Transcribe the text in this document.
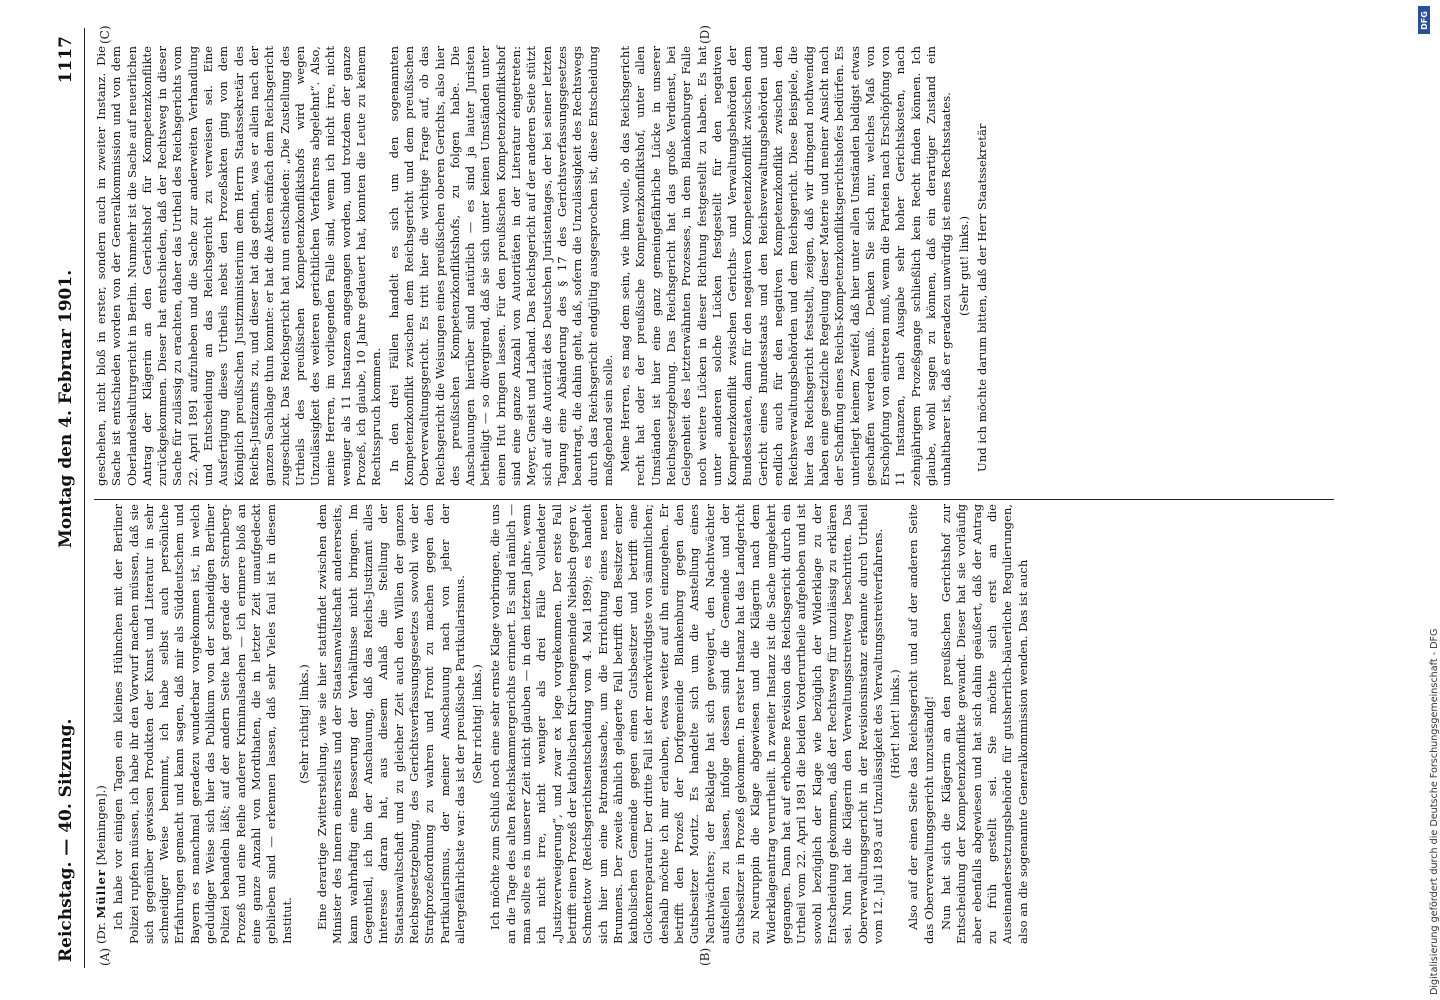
Reichstag. — 40. Sitzung.
Montag den 4. Februar 1901.
1117
(A)	(B)
(C)	(D)

(Dr. Müller [Meiningen].) Ich habe vor einigen Tagen ein kleines Hühnchen mit der Berliner Polizei rupfen müssen, ich habe ihr den Vorwurf machen müssen, daß sie sich gegenüber gewissen Produkten der Kunst und Literatur in sehr schneidiger Weise benimmt, ich habe selbst auch persönliche Erfahrungen gemacht und kann sagen, daß mir als Süddeutschem und Bayern es manchmal geradezu wunderbar vorgekommen ist, in welch geduldiger Weise sich hier das Publikum von der schneidigen Berliner Polizei behandeln läßt; auf der andern Seite hat gerade der Sternberg-Prozeß und eine Reihe anderer Kriminalsachen — ich erinnere bloß an eine ganze Anzahl von Mordthaten, die in letzter Zeit unaufgedeckt geblieben sind — erkennen lassen, daß sehr Vieles faul ist in diesem Institut.

(Sehr richtig! links.) Eine derartige Zwitterstellung, wie sie hier stattfindet zwischen dem Minister des Innern einerseits und der Staatsanwaltschaft andererseits, kann wahrhaftig eine Besserung der Verhältnisse nicht bringen. Im Gegentheil, ich bin der Anschauung, daß das Reichs-Justizamt alles Interesse daran hat, aus diesem Anlaß die Stellung der Staatsanwaltschaft und zu gleicher Zeit auch den Willen der ganzen Reichsgesetzgebung, des Gerichtsverfassungsgesetzes sowohl wie der Strafprozeßordnung zu wahren und Front zu machen gegen den Partikularismus, der meiner Anschauung nach von jeher der allergefährlichste war: das ist der preußische Partikularismus. (Sehr richtig! links.) Ich möchte zum Schluß noch eine sehr ernste Klage vorbringen, die uns an die Tage des alten Reichskammergerichts erinnert. Es sind nämlich — man sollte es in unserer Zeit nicht glauben — in dem letzten Jahre, wenn ich nicht irre, nicht weniger als drei Fälle vollendeter „Justizverweigerung“, und zwar ex lege vorgekommen. Der erste Fall betrifft einen Prozeß der katholischen Kirchengemeinde Niebisch gegen v. Schmettow (Reichsgerichtsentscheidung vom 4. Mai 1899); es handelt sich hier um eine Patronatssache, um die Errichtung eines neuen Brunnens. Der zweite ähnlich gelagerte Fall betrifft den Besitzer einer katholischen Gemeinde gegen einen Gutsbesitzer und betrifft eine Glockenreparatur. Der dritte Fall ist der merkwürdigste von sämmtlichen; deshalb möchte ich mir erlauben, etwas weiter auf ihn einzugehen. Er betrifft den Prozeß der Dorfgemeinde Blankenburg gegen den Gutsbesitzer Moritz. Es handelte sich um die Anstellung eines Nachtwächters; der Beklagte hat sich geweigert, den Nachtwächter aufstellen zu lassen, infolge dessen sind die Gemeinde und der Gutsbesitzer in Prozeß gekommen. In erster Instanz hat das Landgericht zu Neuruppin die Klage abgewiesen und die Klägerin nach dem Widerklageantrag verurtheilt. In zweiter Instanz ist die Sache umgekehrt gegangen. Dann hat auf erhobene Revision das Reichsgericht durch ein Urtheil vom 22. April 1891 die beiden Vorderurtheile aufgehoben und ist sowohl bezüglich der Klage wie bezüglich der Widerklage zu der Entscheidung gekommen, daß der Rechtsweg für unzulässig zu erklären sei. Nun hat die Klägerin den Verwaltungsstreitweg beschritten. Das Oberverwaltungsgericht in der Revisionsinstanz erkannte durch Urtheil vom 12. Juli 1893 auf Unzulässigkeit des Verwaltungsstreitverfahrens. (Hört! hört! links.) Also auf der einen Seite das Reichsgericht und auf der anderen Seite das Oberverwaltungsgericht unzuständig! Nun hat sich die Klägerin an den preußischen Gerichtshof zur Entscheidung der Kompetenzkonflikte gewandt. Dieser hat sie vorläufig aber ebenfalls abgewiesen und hat sich dahin geäußert, daß der Antrag zu früh gestellt sei. Sie möchte sich erst an die Auseinandersetzungsbehörde für gutsherrlich-bäuerliche Regulierungen, also an die sogenannte Generalkommission wenden. Das ist auch

geschehen, nicht bloß in erster, sondern auch in zweiter Instanz. Die Sache ist entschieden worden von der Generalkommission und von dem Oberlandeskulturgericht in Berlin. Nunmehr ist die Sache auf neuerlichen Antrag der Klägerin an den Gerichtshof für Kompetenzkonflikte zurückgekommen. Dieser hat entschieden, daß der Rechtsweg in dieser Sache für zulässig zu erachten, daher das Urtheil des Reichsgerichts vom 22. April 1891 aufzuheben und die Sache zur anderweiten Verhandlung und Entscheidung an das Reichsgericht zu verweisen sei. Eine Ausfertigung dieses Urtheils nebst den Prozeßakten ging von dem Königlich preußischen Justizministerium dem Herrn Staatssekretär des Reichs-Justizamts zu, und dieser hat das gethan, was er allein nach der ganzen Sachlage thun konnte: er hat die Akten einfach dem Reichsgericht zugeschickt. Das Reichsgericht hat nun entschieden: „Die Zustellung des Urtheils des preußischen Kompetenzkonfliktshofs wird wegen Unzulässigkeit des weiteren gerichtlichen Verfahrens abgelehnt“. Also, meine Herren, im vorliegenden Falle sind, wenn ich nicht irre, nicht weniger als 11 Instanzen angegangen worden, und trotzdem der ganze Prozeß, ich glaube, 10 Jahre gedauert hat, konnten die Leute zu keinem Rechtsspruch kommen. In den drei Fällen handelt es sich um den sogenannten Kompetenzkonflikt zwischen dem Reichsgericht und dem preußischen Oberverwaltungsgericht. Es tritt hier die wichtige Frage auf, ob das Reichsgericht die Weisungen eines preußischen oberen Gerichts, also hier des preußischen Kompetenzkonfliktshofs, zu folgen habe. Die Anschauungen hierüber sind natürlich — es sind ja lauter Juristen betheiligt — so divergirend, daß sie sich unter keinen Umständen unter einen Hut bringen lassen. Für den preußischen Kompetenzkonfliktshof sind eine ganze Anzahl von Autoritäten in der Literatur eingetreten: Meyer, Gneist und Laband. Das Reichsgericht auf der anderen Seite stützt sich auf die Autorität des Deutschen Juristentages, der bei seiner letzten Tagung eine Abänderung des § 17 des Gerichtsverfassungsgesetzes beantragt, die dahin geht, daß, sofern die Unzulässigkeit des Rechtswegs durch das Reichsgericht endgültig ausgesprochen ist, diese Entscheidung maßgebend sein solle. Meine Herren, es mag dem sein, wie ihm wolle, ob das Reichsgericht recht hat oder der preußische Kompetenzkonfliktshof, unter allen Umständen ist hier eine ganz gemeingefährliche Lücke in unserer Reichsgesetzgebung. Das Reichsgericht hat das große Verdienst, bei Gelegenheit des letzterwähnten Prozesses, in dem Blankenburger Falle noch weitere Lücken in dieser Richtung festgestellt zu haben. Es hat unter anderen solche Lücken festgestellt für den negativen Kompetenzkonflikt zwischen Gerichts- und Verwaltungsbehörden der Bundesstaaten, dann für den negativen Kompetenzkonflikt zwischen dem Gericht eines Bundesstaats und den Reichsverwaltungsbehörden und endlich auch für den negativen Kompetenzkonflikt zwischen den Reichsverwaltungsbehörden und dem Reichsgericht. Diese Beispiele, die hier das Reichsgericht feststellt, zeigen, daß wir dringend nothwendig haben eine gesetzliche Regelung dieser Materie und meiner Ansicht nach der Schaffung eines Reichs-Kompetenzkonfliktsgerichtshofes bedürfen. Es unterliegt keinem Zweifel, daß hier unter allen Umständen baldigst etwas geschaffen werden muß. Denken Sie sich nur, welches Maß von Erschöpfung von eintreten muß, wenn die Parteien nach Erschöpfung von 11 Instanzen, nach Ausgabe sehr hoher Gerichtskosten, nach zehnjährigem Prozeßgange schließlich kein Recht finden können. Ich glaube, wohl sagen zu können, daß ein derartiger Zustand ein unhaltbarer ist, daß er geradezu unwürdig ist eines Rechtsstaates. (Sehr gut! links.) Und ich möchte darum bitten, daß der Herr Staatssekretär

Digitalisierung gefördert durch die Deutsche Forschungsgemeinschaft - DFG
DFG
